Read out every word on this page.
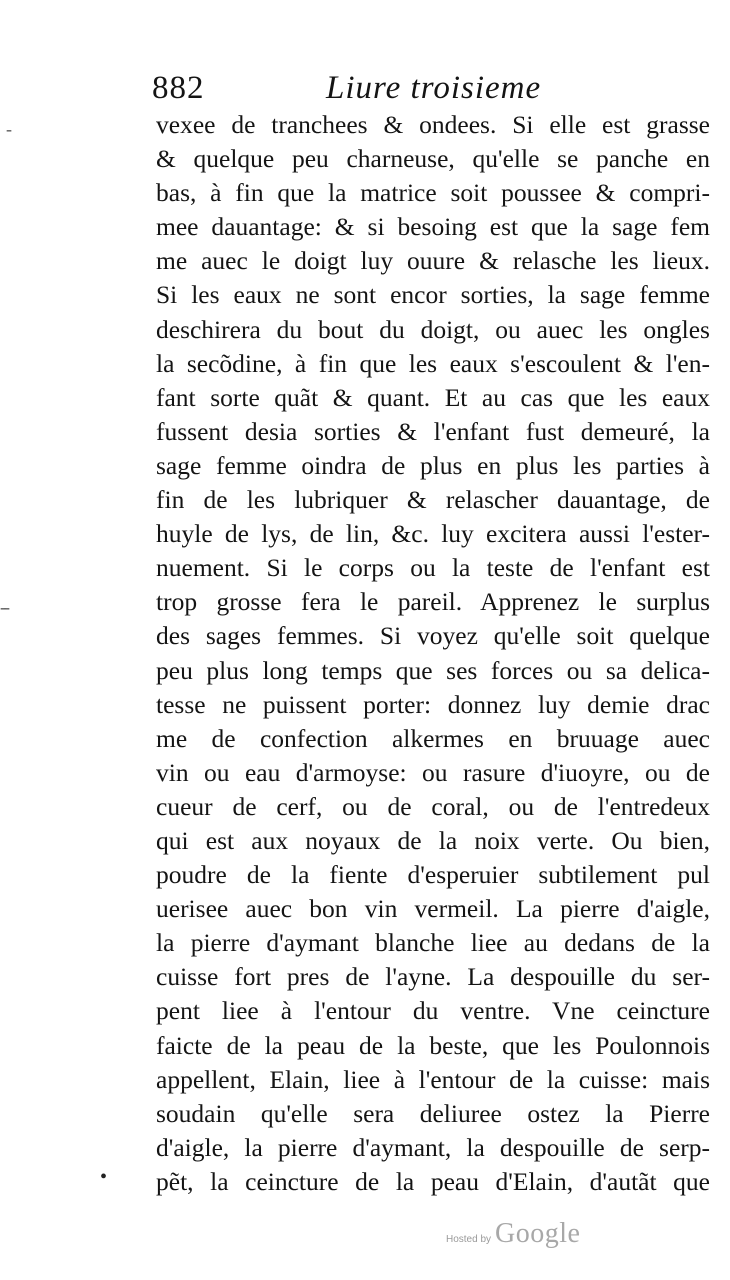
882	Liure troisieme
vexee de tranchees & ondees. Si elle est grasse
& quelque peu charneuse, qu'elle se panche en
bas, à fin que la matrice soit poussee & compri-
mee dauantage: & si besoing est que la sage fem
me auec le doigt luy ouure & relasche les lieux.
Si les eaux ne sont encor sorties, la sage femme
deschirera du bout du doigt, ou auec les ongles
la secõdine, à fin que les eaux s'escoulent & l'en-
fant sorte quãt & quant. Et au cas que les eaux
fussent desia sorties & l'enfant fust demeuré, la
sage femme oindra de plus en plus les parties à
fin de les lubriquer & relascher dauantage, de
huyle de lys, de lin, &c. luy excitera aussi l'ester-
nuement. Si le corps ou la teste de l'enfant est
trop grosse fera le pareil. Apprenez le surplus
des sages femmes. Si voyez qu'elle soit quelque
peu plus long temps que ses forces ou sa delica-
tesse ne puissent porter: donnez luy demie drac
me de confection alkermes en bruuage auec
vin ou eau d'armoyse: ou rasure d'iuoyre, ou de
cueur de cerf, ou de coral, ou de l'entredeux
qui est aux noyaux de la noix verte. Ou bien,
poudre de la fiente d'esperuier subtilement pul
uerisee auec bon vin vermeil. La pierre d'aigle,
la pierre d'aymant blanche liee au dedans de la
cuisse fort pres de l'ayne. La despouille du ser-
pent liee à l'entour du ventre. Vne ceincture
faicte de la peau de la beste, que les Poulonnois
appellent, Elain, liee à l'entour de la cuisse: mais
soudain qu'elle sera deliuree ostez la Pierre
d'aigle, la pierre d'aymant, la despouille de serp-
pẽt, la ceincture de la peau d'Elain, d'autãt que
-
--
•
Hosted by Google
